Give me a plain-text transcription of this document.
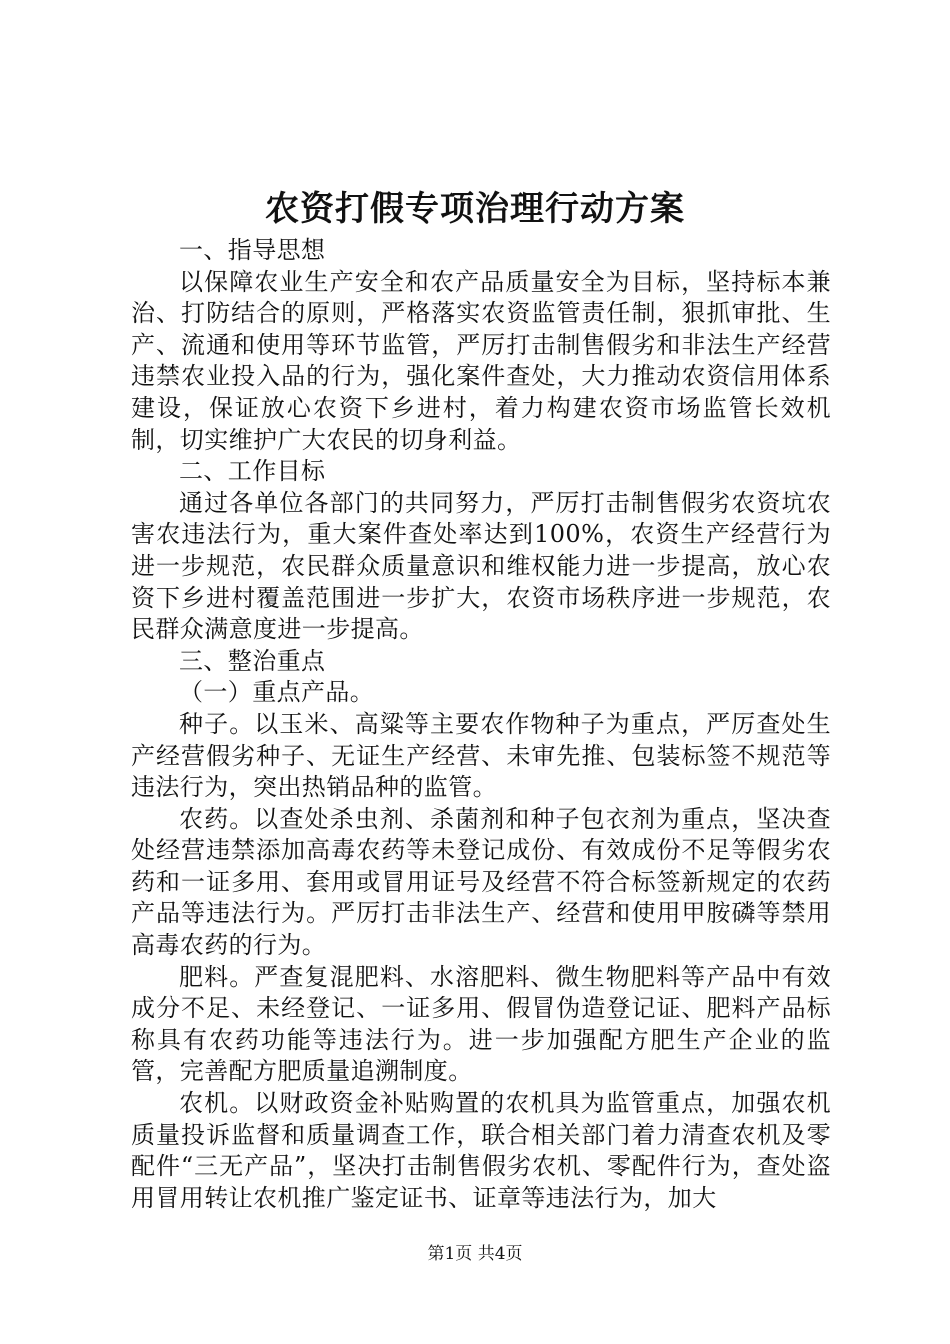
农资打假专项治理行动方案

一、指导思想

以保障农业生产安全和农产品质量安全为目标，坚持标本兼治、打防结合的原则，严格落实农资监管责任制，狠抓审批、生产、流通和使用等环节监管，严厉打击制售假劣和非法生产经营违禁农业投入品的行为，强化案件查处，大力推动农资信用体系建设，保证放心农资下乡进村，着力构建农资市场监管长效机制，切实维护广大农民的切身利益。

二、工作目标

通过各单位各部门的共同努力，严厉打击制售假劣农资坑农害农违法行为，重大案件查处率达到100%，农资生产经营行为进一步规范，农民群众质量意识和维权能力进一步提高，放心农资下乡进村覆盖范围进一步扩大，农资市场秩序进一步规范，农民群众满意度进一步提高。

三、整治重点

（一）重点产品。

种子。以玉米、高粱等主要农作物种子为重点，严厉查处生产经营假劣种子、无证生产经营、未审先推、包装标签不规范等违法行为，突出热销品种的监管。

农药。以查处杀虫剂、杀菌剂和种子包衣剂为重点，坚决查处经营违禁添加高毒农药等未登记成份、有效成份不足等假劣农药和一证多用、套用或冒用证号及经营不符合标签新规定的农药产品等违法行为。严厉打击非法生产、经营和使用甲胺磷等禁用高毒农药的行为。

肥料。严查复混肥料、水溶肥料、微生物肥料等产品中有效成分不足、未经登记、一证多用、假冒伪造登记证、肥料产品标称具有农药功能等违法行为。进一步加强配方肥生产企业的监管，完善配方肥质量追溯制度。

农机。以财政资金补贴购置的农机具为监管重点，加强农机质量投诉监督和质量调查工作，联合相关部门着力清查农机及零配件“三无产品”，坚决打击制售假劣农机、零配件行为，查处盗用冒用转让农机推广鉴定证书、证章等违法行为，加大

第1页 共4页
